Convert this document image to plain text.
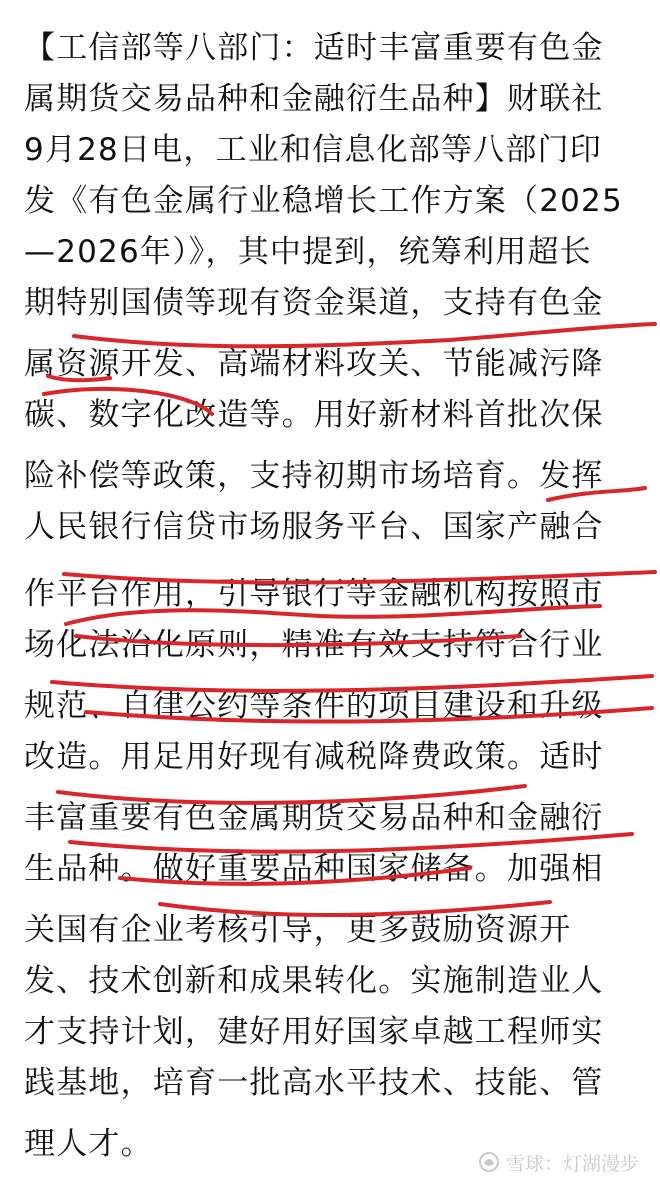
【工信部等八部门：适时丰富重要有色金
属期货交易品种和金融衍生品种】财联社
9月28日电，工业和信息化部等八部门印
发《有色金属行业稳增长工作方案（2025
—2026年）》，其中提到，统筹利用超长
期特别国债等现有资金渠道，支持有色金
属资源开发、高端材料攻关、节能减污降
碳、数字化改造等。用好新材料首批次保
险补偿等政策，支持初期市场培育。发挥
人民银行信贷市场服务平台、国家产融合
作平台作用，引导银行等金融机构按照市
场化法治化原则，精准有效支持符合行业
规范、自律公约等条件的项目建设和升级
改造。用足用好现有减税降费政策。适时
丰富重要有色金属期货交易品种和金融衍
生品种。做好重要品种国家储备。加强相
关国有企业考核引导，更多鼓励资源开
发、技术创新和成果转化。实施制造业人
才支持计划，建好用好国家卓越工程师实
践基地，培育一批高水平技术、技能、管
理人才。
雪球：灯湖漫步
